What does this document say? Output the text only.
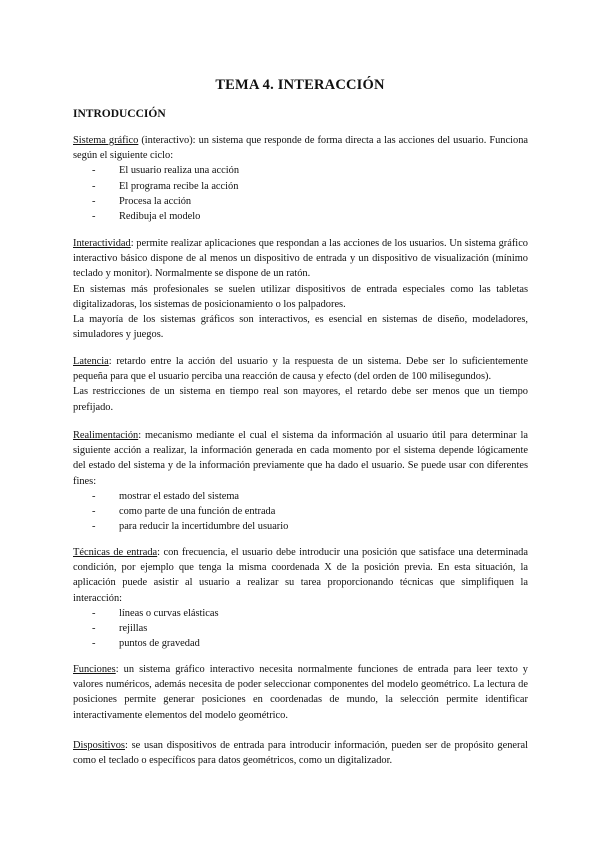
TEMA 4. INTERACCIÓN
INTRODUCCIÓN

Sistema gráfico (interactivo): un sistema que responde de forma directa a las acciones del usuario. Funciona según el siguiente ciclo:

- El usuario realiza una acción
- El programa recibe la acción
- Procesa la acción
- Redibuja el modelo

Interactividad: permite realizar aplicaciones que respondan a las acciones de los usuarios. Un sistema gráfico interactivo básico dispone de al menos un dispositivo de entrada y un dispositivo de visualización (mínimo teclado y monitor). Normalmente se dispone de un ratón.

En sistemas más profesionales se suelen utilizar dispositivos de entrada especiales como las tabletas digitalizadoras, los sistemas de posicionamiento o los palpadores.

La mayoría de los sistemas gráficos son interactivos, es esencial en sistemas de diseño, modeladores, simuladores y juegos.

Latencia: retardo entre la acción del usuario y la respuesta de un sistema. Debe ser lo suficientemente pequeña para que el usuario perciba una reacción de causa y efecto (del orden de 100 milisegundos).

Las restricciones de un sistema en tiempo real son mayores, el retardo debe ser menos que un tiempo prefijado.

Realimentación: mecanismo mediante el cual el sistema da información al usuario útil para determinar la siguiente acción a realizar, la información generada en cada momento por el sistema depende lógicamente del estado del sistema y de la información previamente que ha dado el usuario. Se puede usar con diferentes fines:

- mostrar el estado del sistema
- como parte de una función de entrada
- para reducir la incertidumbre del usuario

Técnicas de entrada: con frecuencia, el usuario debe introducir una posición que satisface una determinada condición, por ejemplo que tenga la misma coordenada X de la posición previa. En esta situación, la aplicación puede asistir al usuario a realizar su tarea proporcionando técnicas que simplifiquen la interacción:

- líneas o curvas elásticas
- rejillas
- puntos de gravedad

Funciones: un sistema gráfico interactivo necesita normalmente funciones de entrada para leer texto y valores numéricos, además necesita de poder seleccionar componentes del modelo geométrico. La lectura de posiciones permite generar posiciones en coordenadas de mundo, la selección permite identificar interactivamente elementos del modelo geométrico.

Dispositivos: se usan dispositivos de entrada para introducir información, pueden ser de propósito general como el teclado o específicos para datos geométricos, como un digitalizador.
